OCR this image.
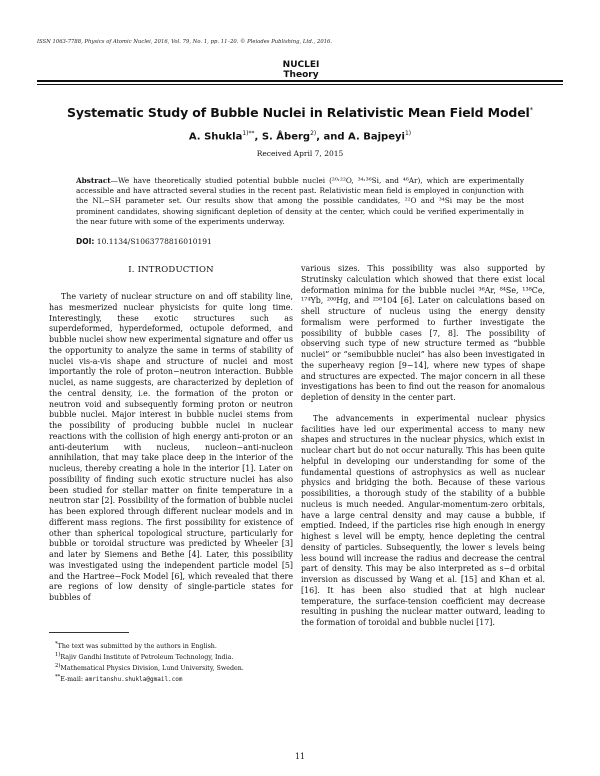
ISSN 1063-7788, Physics of Atomic Nuclei, 2016, Vol. 79, No. 1, pp. 11–20. © Pleiades Publishing, Ltd., 2016.
NUCLEI
Theory
Systematic Study of Bubble Nuclei in Relativistic Mean Field Model*
A. Shukla$^{1)**}$, S. Åberg$^{2)}$, and A. Bajpeyi$^{1)}$
Received April 7, 2015
Abstract—We have theoretically studied potential bubble nuclei (²⁰˒²²O, ³⁴˒³⁶Si, and ⁴⁶Ar), which are experimentally accessible and have attracted several studies in the recent past. Relativistic mean field is employed in conjunction with the NL−SH parameter set. Our results show that among the possible candidates, ²²O and ³⁴Si may be the most prominent candidates, showing significant depletion of density at the center, which could be verified experimentally in the near future with some of the experiments underway.
DOI: 10.1134/S1063778816010191
I. INTRODUCTION

The variety of nuclear structure on and off stability line, has mesmerized nuclear physicists for quite long time. Interestingly, these exotic structures such as superdeformed, hyperdeformed, octupole deformed, and bubble nuclei show new experimental signature and offer us the opportunity to analyze the same in terms of stability of nuclei vis-a-vis shape and structure of nuclei and most importantly the role of proton−neutron interaction. Bubble nuclei, as name suggests, are characterized by depletion of the central density, i.e. the formation of the proton or neutron void and subsequently forming proton or neutron bubble nuclei. Major interest in bubble nuclei stems from the possibility of producing bubble nuclei in nuclear reactions with the collision of high energy anti-proton or an anti-deuterium with nucleus, nucleon−anti-nucleon annihilation, that may take place deep in the interior of the nucleus, thereby creating a hole in the interior [1]. Later on possibility of finding such exotic structure nuclei has also been studied for stellar matter on finite temperature in a neutron star [2]. Possibility of the formation of bubble nuclei has been explored through different nuclear models and in different mass regions. The first possibility for existence of other than spherical topological structure, particularly for bubble or toroidal structure was predicted by Wheeler [3] and later by Siemens and Bethe [4]. Later, this possibility was investigated using the independent particle model [5] and the Hartree−Fock Model [6], which revealed that there are regions of low density of single-particle states for bubbles of

various sizes. This possibility was also supported by Strutinsky calculation which showed that there exist local deformation minima for the bubble nuclei ³⁶Ar, ⁸⁴Se, ¹³⁸Ce, ¹⁷⁴Yb, ²⁰⁰Hg, and ²⁵⁰104 [6]. Later on calculations based on shell structure of nucleus using the energy density formalism were performed to further investigate the possibility of bubble cases [7, 8]. The possibility of observing such type of new structure termed as “bubble nuclei” or “semibubble nuclei” has also been investigated in the superheavy region [9−14], where new types of shape and structures are expected. The major concern in all these investigations has been to find out the reason for anomalous depletion of density in the center part.

The advancements in experimental nuclear physics facilities have led our experimental access to many new shapes and structures in the nuclear physics, which exist in nuclear chart but do not occur naturally. This has been quite helpful in developing our understanding for some of the fundamental questions of astrophysics as well as nuclear physics and bridging the both. Because of these various possibilities, a thorough study of the stability of a bubble nucleus is much needed. Angular-momentum-zero orbitals, have a large central density and may cause a bubble, if emptied. Indeed, if the particles rise high enough in energy highest s level will be empty, hence depleting the central density of particles. Subsequently, the lower s levels being less bound will increase the radius and decrease the central part of density. This may be also interpreted as s−d orbital inversion as discussed by Wang et al. [15] and Khan et al. [16]. It has been also studied that at high nuclear temperature, the surface-tension coefficient may decrease resulting in pushing the nuclear matter outward, leading to the formation of toroidal and bubble nuclei [17].

*The text was submitted by the authors in English.
$^{1)}$Rajiv Gandhi Institute of Petroleum Technology, India.
$^{2)}$Mathematical Physics Division, Lund University, Sweden.
**E-mail: amritanshu.shukla@gmail.com
11
